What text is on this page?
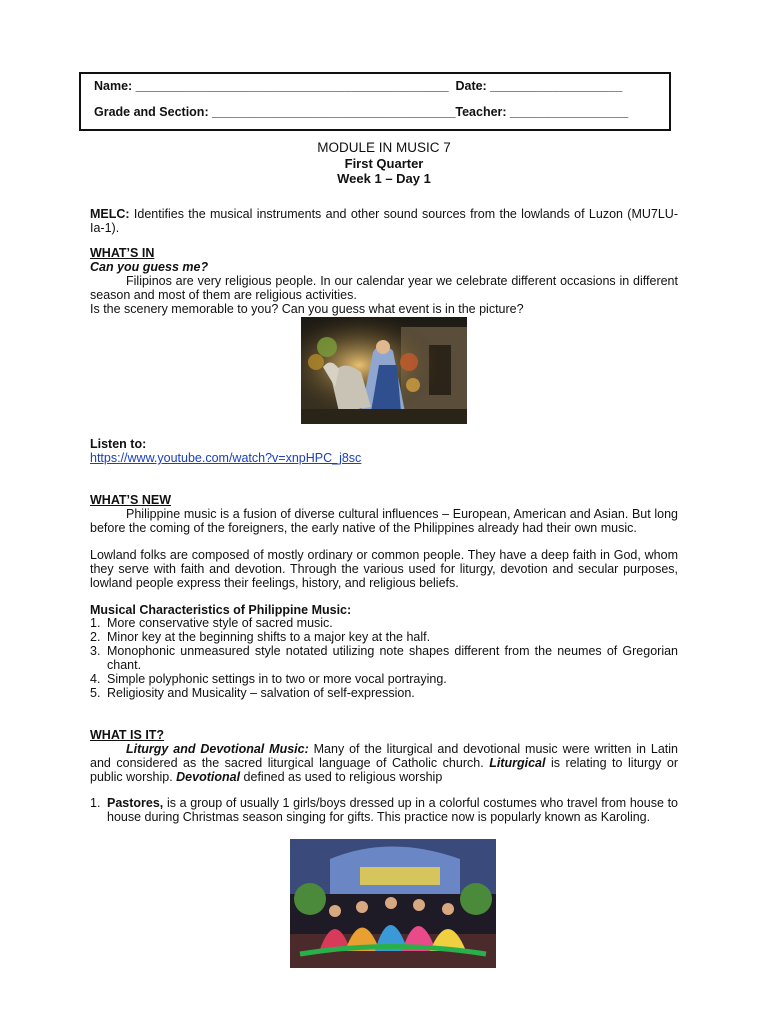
Name: _____________________________________________  Date: ___________________
Grade and Section: ___________________________________Teacher: _________________
MODULE IN MUSIC 7
First Quarter
Week 1 – Day 1
MELC: Identifies the musical instruments and other sound sources from the lowlands of Luzon (MU7LU-Ia-1).
WHAT’S IN
Can you guess me?
Filipinos are very religious people. In our calendar year we celebrate different occasions in different season and most of them are religious activities.
Is the scenery memorable to you? Can you guess what event is in the picture?
Listen to:
https://www.youtube.com/watch?v=xnpHPC_j8sc
WHAT’S NEW
Philippine music is a fusion of diverse cultural influences – European, American and Asian. But long before the coming of the foreigners, the early native of the Philippines already had their own music.
Lowland folks are composed of mostly ordinary or common people. They have a deep faith in God, whom they serve with faith and devotion. Through the various used for liturgy, devotion and secular purposes, lowland people express their feelings, history, and religious beliefs.
Musical Characteristics of Philippine Music:
1. More conservative style of sacred music.
2. Minor key at the beginning shifts to a major key at the half.
3. Monophonic unmeasured style notated utilizing note shapes different from the neumes of Gregorian chant.
4. Simple polyphonic settings in to two or more vocal portraying.
5. Religiosity and Musicality – salvation of self-expression.
WHAT IS IT?
Liturgy and Devotional Music: Many of the liturgical and devotional music were written in Latin and considered as the sacred liturgical language of Catholic church. Liturgical is relating to liturgy or public worship. Devotional defined as used to religious worship
1. Pastores, is a group of usually 1 girls/boys dressed up in a colorful costumes who travel from house to house during Christmas season singing for gifts. This practice now is popularly known as Karoling.
